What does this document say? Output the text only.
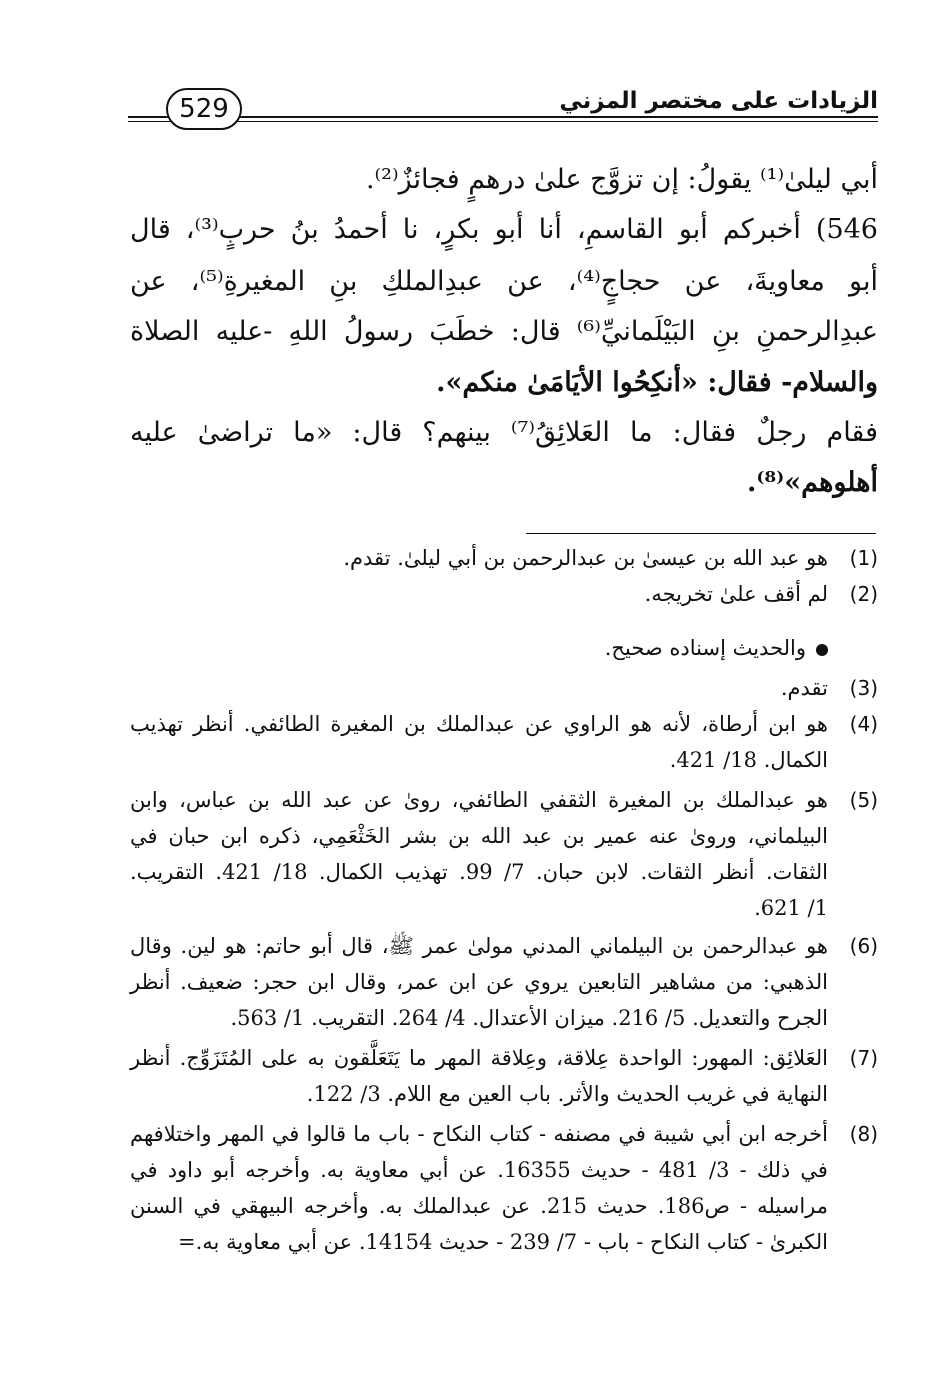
529	الزيادات على مختصر المزني
أبي ليلىٰ⁽¹⁾ يقولُ: إن تزوَّج علىٰ درهمٍ فجائزٌ⁽²⁾.
546) أخبركم أبو القاسمِ، أنا أبو بكرٍ، نا أحمدُ بنُ حربٍ⁽³⁾، قال
أبو معاويةَ، عن حجاجٍ⁽⁴⁾، عن عبدِالملكِ بنِ المغيرةِ⁽⁵⁾، عن
عبدِالرحمنِ بنِ البَيْلَمانيِّ⁽⁶⁾ قال: خطَبَ رسولُ اللهِ -عليه الصلاة
والسلام- فقال: «أنكِحُوا الأيَامَىٰ منكم».
فقام رجلٌ فقال: ما العَلائِقُ⁽⁷⁾ بينهم؟ قال: «ما تراضىٰ عليه
أهلوهم»⁽⁸⁾.
(1)
هو عبد الله بن عيسىٰ بن عبدالرحمن بن أبي ليلىٰ. تقدم.
(2)
لم أقف علىٰ تخريجه.
والحديث إسناده صحيح.
(3)
تقدم.
(4)
هو ابن أرطاة، لأنه هو الراوي عن عبدالملك بن المغيرة الطائفي. أنظر تهذيب
الكمال. 18/ 421.
(5)
هو عبدالملك بن المغيرة الثقفي الطائفي، روىٰ عن عبد الله بن عباس، وابن
البيلماني، وروىٰ عنه عمير بن عبد الله بن بشر الخَثْعَمِي، ذكره ابن حبان في
الثقات. أنظر الثقات. لابن حبان. 7/ 99. تهذيب الكمال. 18/ 421. التقريب.
1/ 621.
(6)
هو عبدالرحمن بن البيلماني المدني مولىٰ عمر ﷺ، قال أبو حاتم: هو لين. وقال
الذهبي: من مشاهير التابعين يروي عن ابن عمر، وقال ابن حجر: ضعيف. أنظر
الجرح والتعديل. 5/ 216. ميزان الأعتدال. 4/ 264. التقريب. 1/ 563.
(7)
العَلائِق: المهور: الواحدة عِلاقة، وعِلاقة المهر ما يَتَعَلَّقون به على المُتَزَوِّج. أنظر
النهاية في غريب الحديث والأثر. باب العين مع اللام. 3/ 122.
(8)
أخرجه ابن أبي شيبة في مصنفه - كتاب النكاح - باب ما قالوا في المهر واختلافهم
في ذلك - 3/ 481 - حديث 16355. عن أبي معاوية به. وأخرجه أبو داود في
مراسيله - ص186. حديث 215. عن عبدالملك به. وأخرجه البيهقي في السنن
الكبرىٰ - كتاب النكاح - باب - 7/ 239 - حديث 14154. عن أبي معاوية به.=
